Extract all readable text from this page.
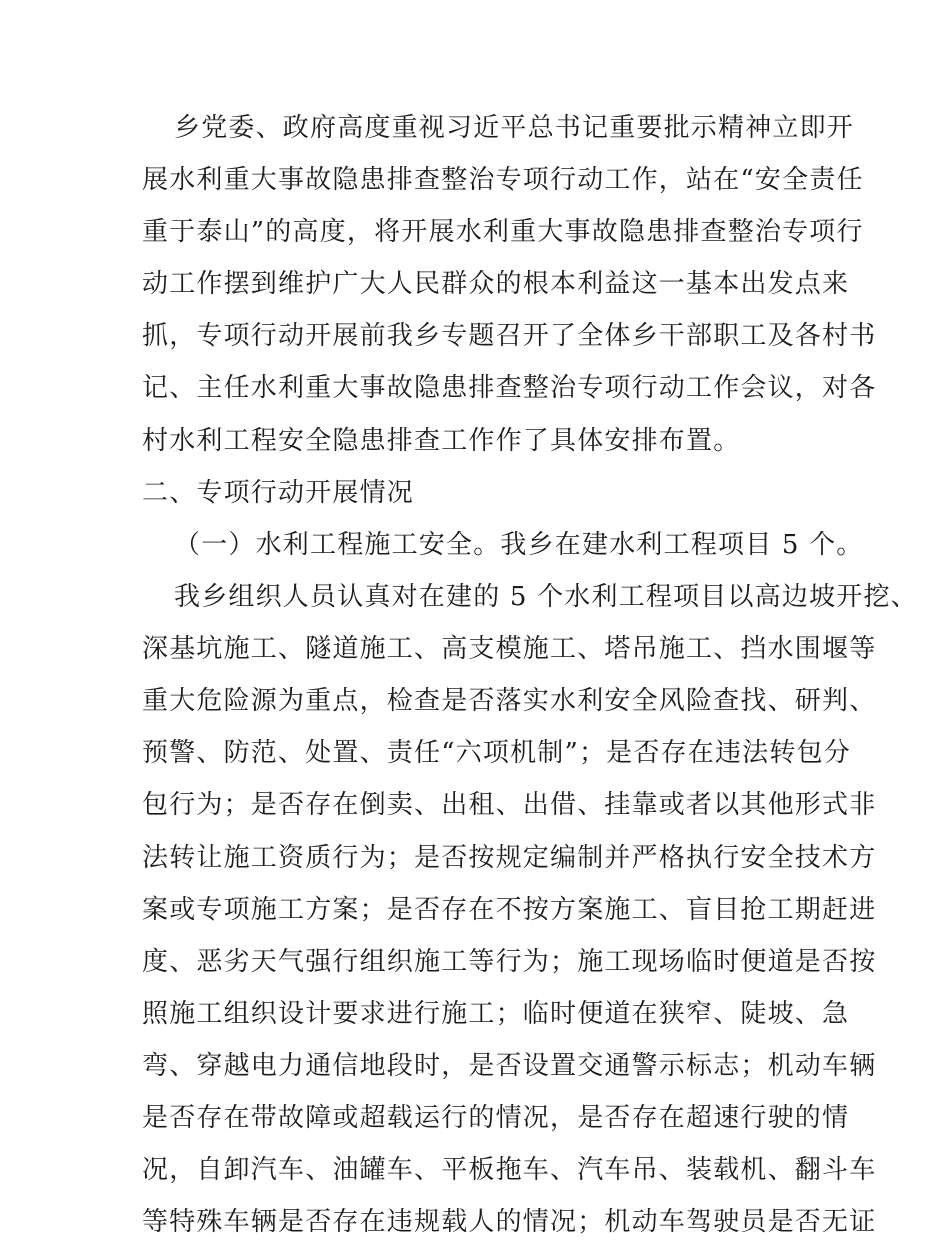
乡党委、政府高度重视习近平总书记重要批示精神立即开
展水利重大事故隐患排查整治专项行动工作，站在“安全责任
重于泰山”的高度，将开展水利重大事故隐患排查整治专项行
动工作摆到维护广大人民群众的根本利益这一基本出发点来
抓，专项行动开展前我乡专题召开了全体乡干部职工及各村书
记、主任水利重大事故隐患排查整治专项行动工作会议，对各
村水利工程安全隐患排查工作作了具体安排布置。
二、专项行动开展情况
（一）水利工程施工安全。我乡在建水利工程项目 5 个。
我乡组织人员认真对在建的 5 个水利工程项目以高边坡开挖、
深基坑施工、隧道施工、高支模施工、塔吊施工、挡水围堰等
重大危险源为重点，检查是否落实水利安全风险查找、研判、
预警、防范、处置、责任“六项机制”；是否存在违法转包分
包行为；是否存在倒卖、出租、出借、挂靠或者以其他形式非
法转让施工资质行为；是否按规定编制并严格执行安全技术方
案或专项施工方案；是否存在不按方案施工、盲目抢工期赶进
度、恶劣天气强行组织施工等行为；施工现场临时便道是否按
照施工组织设计要求进行施工；临时便道在狭窄、陡坡、急
弯、穿越电力通信地段时，是否设置交通警示标志；机动车辆
是否存在带故障或超载运行的情况，是否存在超速行驶的情
况，自卸汽车、油罐车、平板拖车、汽车吊、装载机、翻斗车
等特殊车辆是否存在违规载人的情况；机动车驾驶员是否无证
